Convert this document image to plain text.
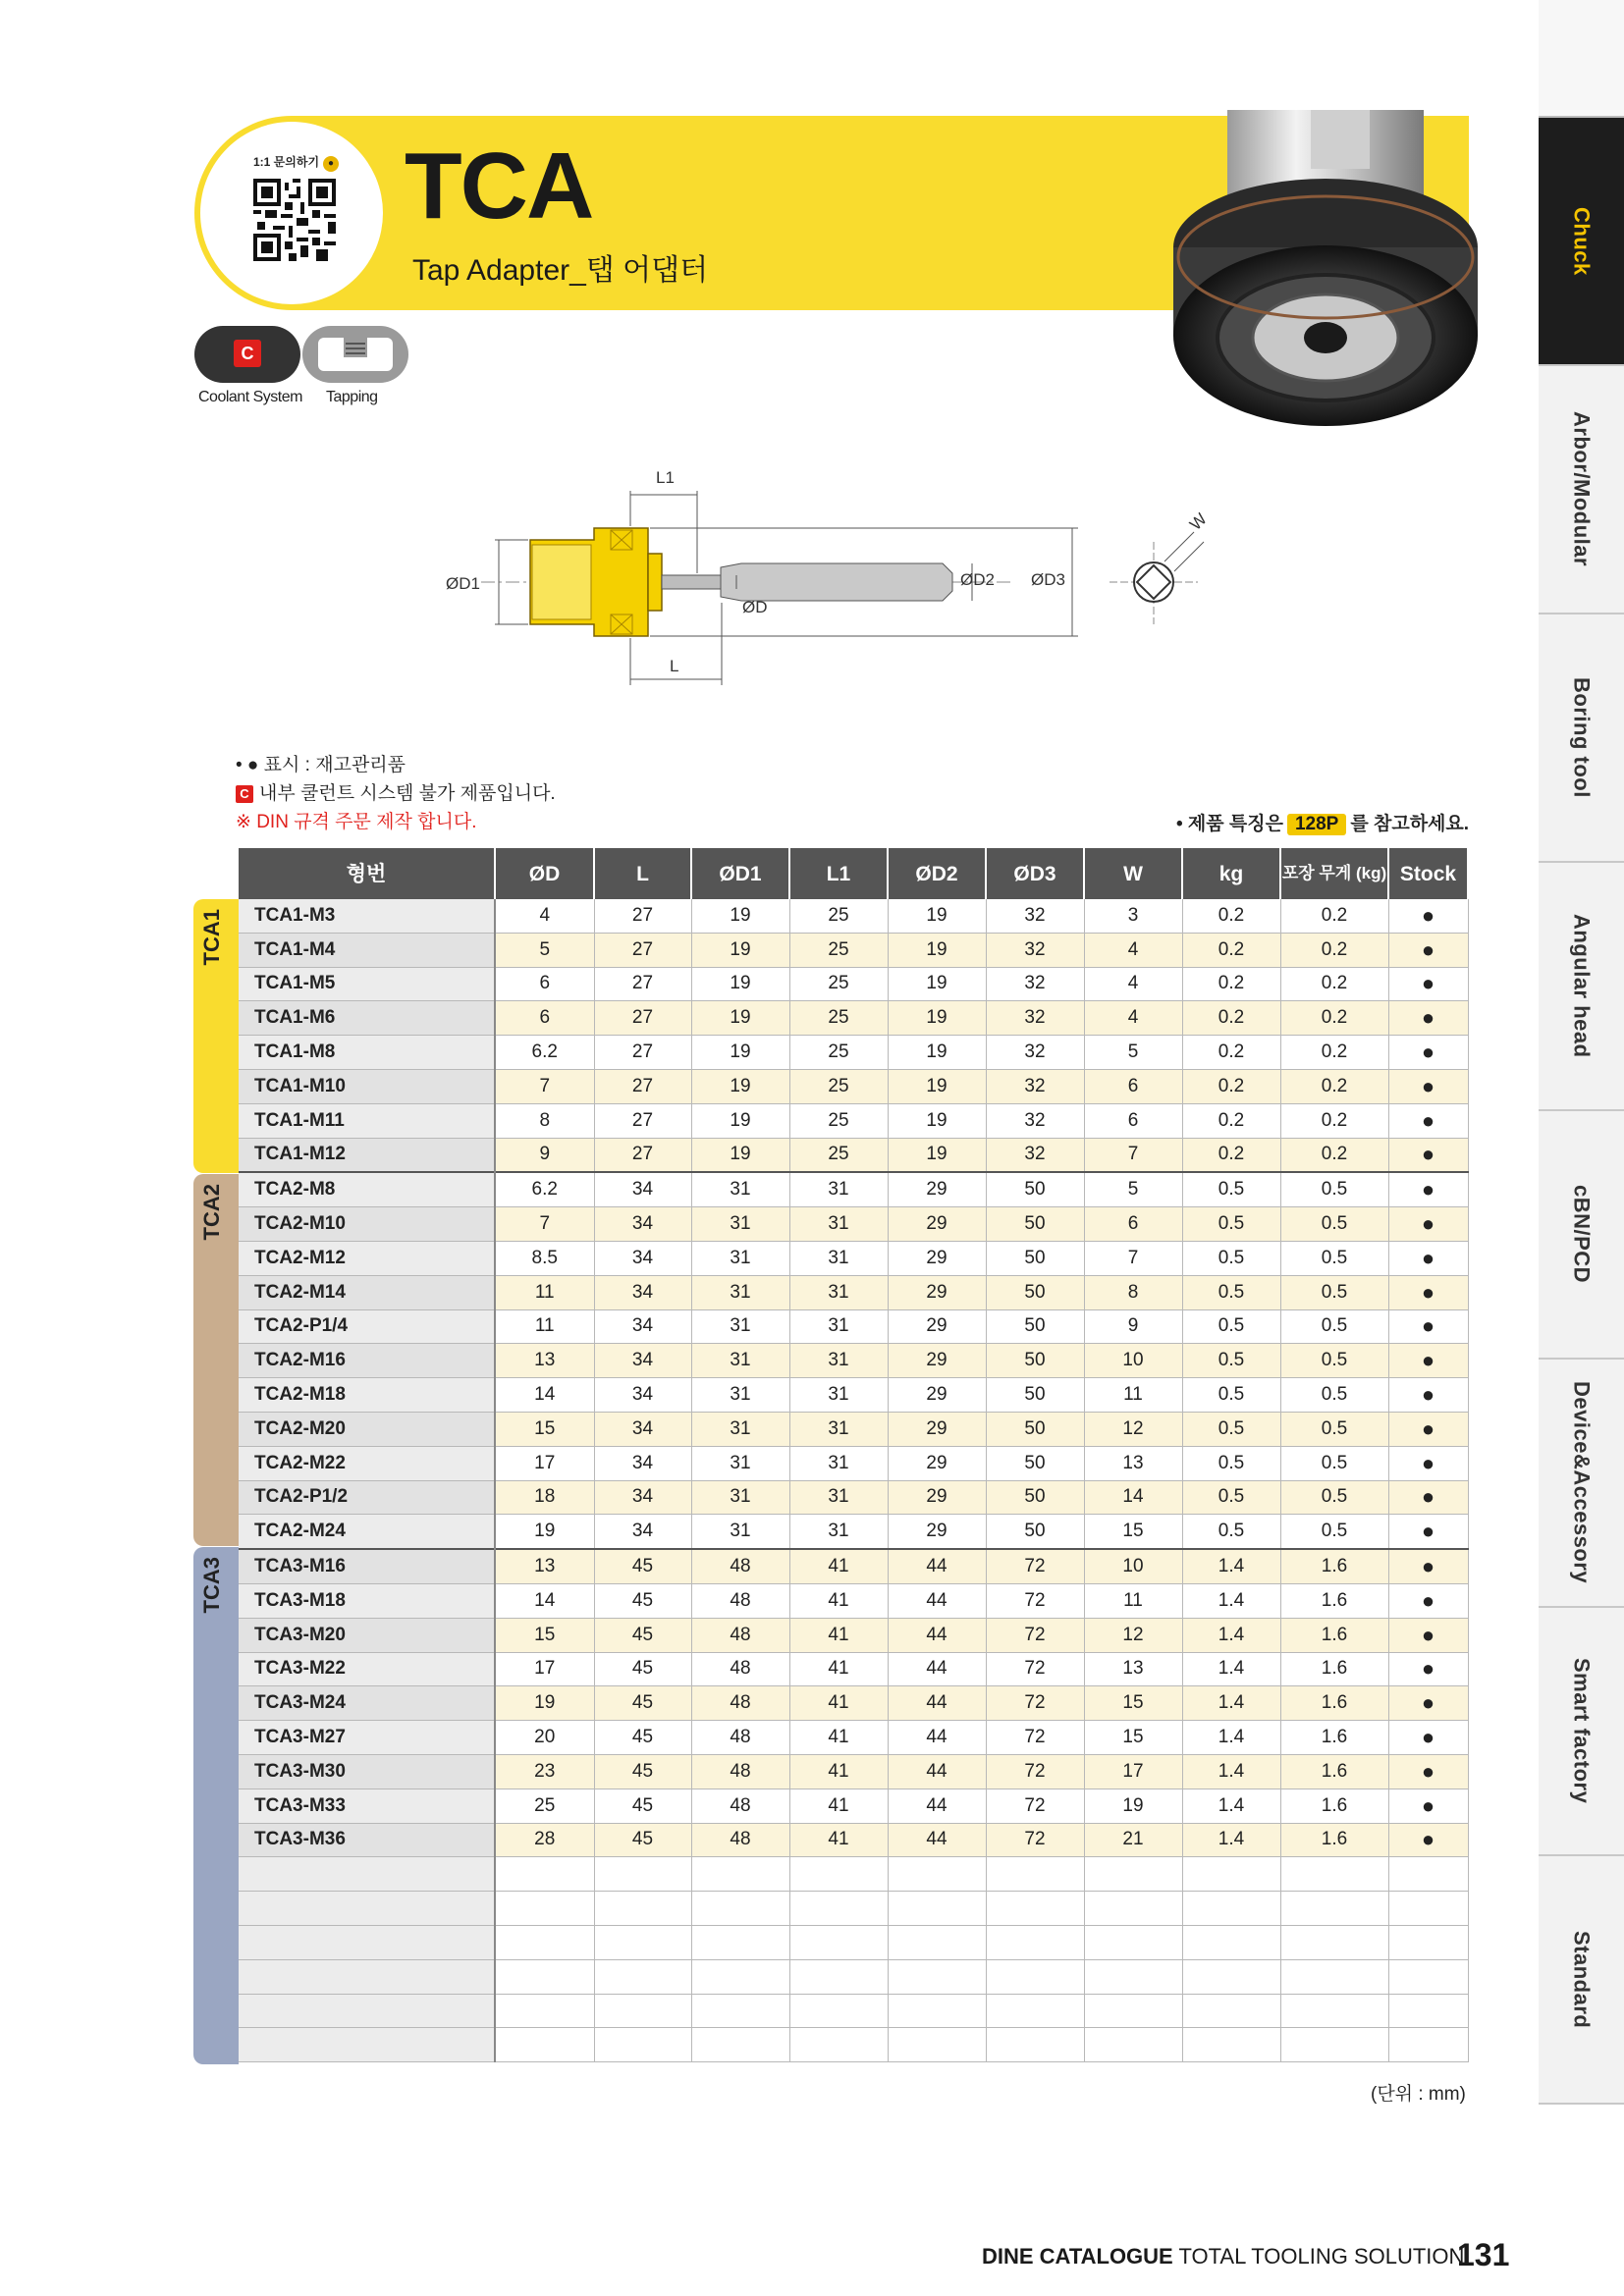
Chuck
Arbor/Modular
Boring tool
Angular head
cBN/PCD
Device&Accessory
Smart factory
Standard
1:1 문의하기 ● TCA
Tap Adapter_탭 어댑터
C
Coolant System Tapping
L1
L
ØD1
ØD
ØD2 ØD3
W
• ● 표시 : 재고관리품
C 내부 쿨런트 시스템 불가 제품입니다.
※ DIN 규격 주문 제작 합니다.	• 제품 특징은 128P 를 참고하세요.
TCA1
TCA2
TCA3
형번	ØD	L	ØD1	L1	ØD2	ØD3	W	kg	포장 무게 (kg)	Stock
TCA1-M3	4	27	19	25	19	32	3	0.2	0.2	●
TCA1-M4	5	27	19	25	19	32	4	0.2	0.2	●
TCA1-M5	6	27	19	25	19	32	4	0.2	0.2	●
TCA1-M6	6	27	19	25	19	32	4	0.2	0.2	●
TCA1-M8	6.2	27	19	25	19	32	5	0.2	0.2	●
TCA1-M10	7	27	19	25	19	32	6	0.2	0.2	●
TCA1-M11	8	27	19	25	19	32	6	0.2	0.2	●
TCA1-M12	9	27	19	25	19	32	7	0.2	0.2	●
TCA2-M8	6.2	34	31	31	29	50	5	0.5	0.5	●
TCA2-M10	7	34	31	31	29	50	6	0.5	0.5	●
TCA2-M12	8.5	34	31	31	29	50	7	0.5	0.5	●
TCA2-M14	11	34	31	31	29	50	8	0.5	0.5	●
TCA2-P1/4	11	34	31	31	29	50	9	0.5	0.5	●
TCA2-M16	13	34	31	31	29	50	10	0.5	0.5	●
TCA2-M18	14	34	31	31	29	50	11	0.5	0.5	●
TCA2-M20	15	34	31	31	29	50	12	0.5	0.5	●
TCA2-M22	17	34	31	31	29	50	13	0.5	0.5	●
TCA2-P1/2	18	34	31	31	29	50	14	0.5	0.5	●
TCA2-M24	19	34	31	31	29	50	15	0.5	0.5	●
TCA3-M16	13	45	48	41	44	72	10	1.4	1.6	●
TCA3-M18	14	45	48	41	44	72	11	1.4	1.6	●
TCA3-M20	15	45	48	41	44	72	12	1.4	1.6	●
TCA3-M22	17	45	48	41	44	72	13	1.4	1.6	●
TCA3-M24	19	45	48	41	44	72	15	1.4	1.6	●
TCA3-M27	20	45	48	41	44	72	15	1.4	1.6	●
TCA3-M30	23	45	48	41	44	72	17	1.4	1.6	●
TCA3-M33	25	45	48	41	44	72	19	1.4	1.6	●
TCA3-M36	28	45	48	41	44	72	21	1.4	1.6	●

(단위 : mm)
DINE CATALOGUE TOTAL TOOLING SOLUTION
131
